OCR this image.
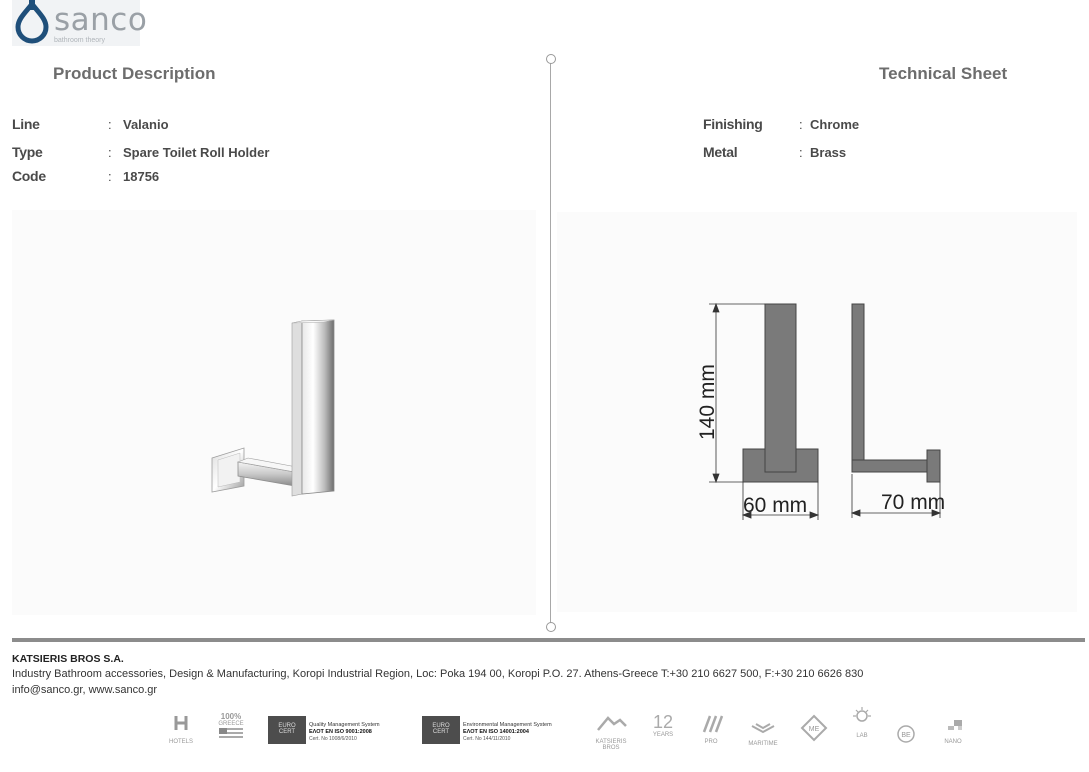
sanco
bathroom theory
Product Description	Technical Sheet
Line	: Valanio
Type	: Spare Toilet Roll Holder
Code	: 18756
Finishing	: Chrome
Metal	: Brass
140 mm
60 mm	70 mm
KATSIERIS BROS S.A.
Industry Bathroom accessories, Design & Manufacturing, Koropi Industrial Region, Loc: Poka 194 00, Koropi P.O. 27. Athens-Greece T:+30 210 6627 500, F:+30 210 6626 830
info@sanco.gr, www.sanco.gr
HOTELS
100%
GREECE	EURO
CERT
Quality Management System
ΕΛΟΤ EN ISO 9001:2008
Cert. No 1008/6/2010
EURO
CERT
Environmental Management System
ΕΛΟΤ EN ISO 14001:2004
Cert. No 144/11/2010	KATSIERIS BROS
12
YEARS
PRO	MARITIME
ME
LAB	BE
NANO
